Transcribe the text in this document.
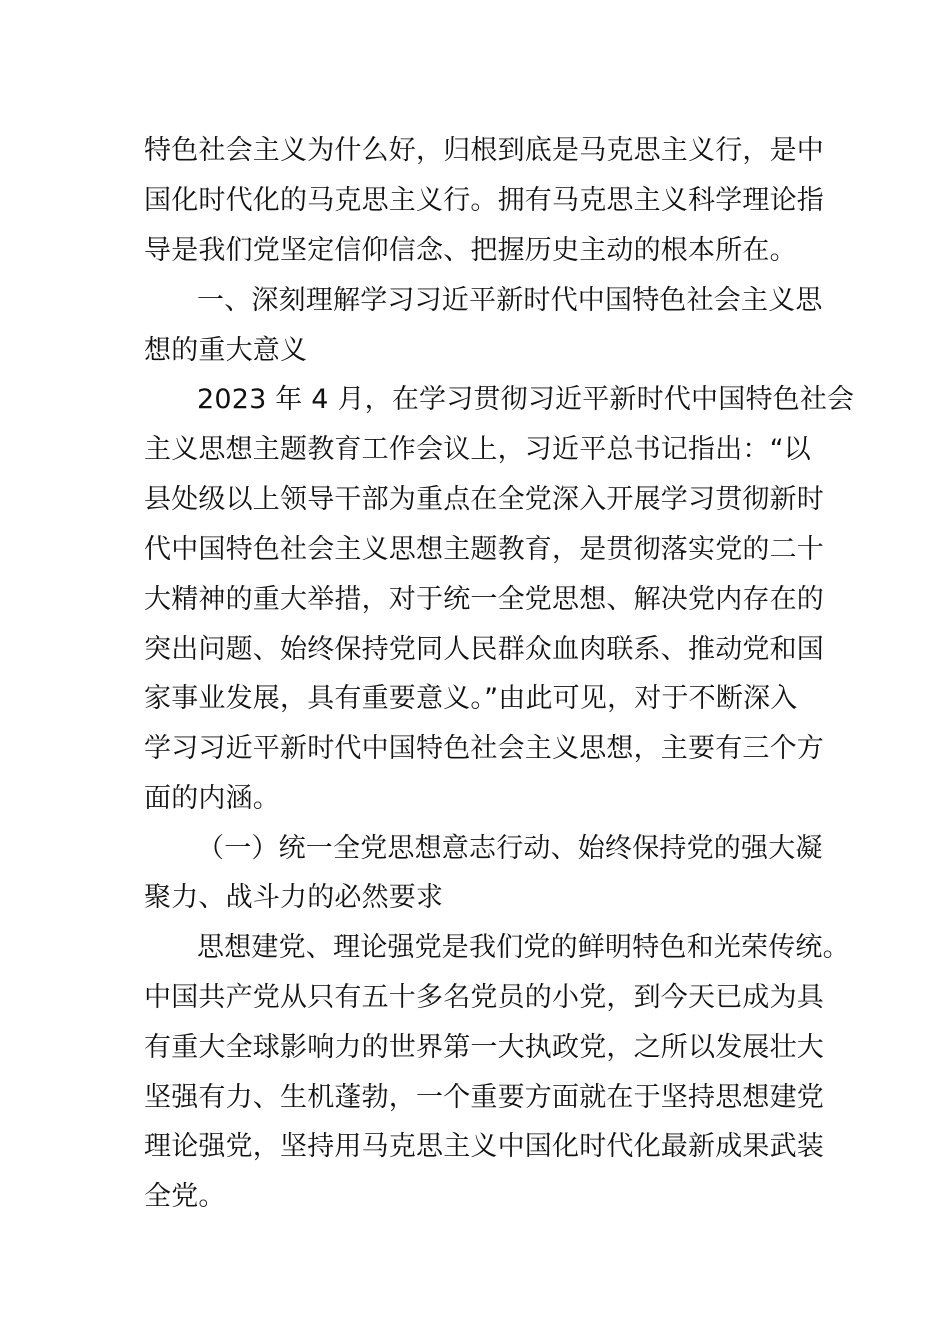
特色社会主义为什么好，归根到底是马克思主义行，是中
国化时代化的马克思主义行。拥有马克思主义科学理论指
导是我们党坚定信仰信念、把握历史主动的根本所在。
一、深刻理解学习习近平新时代中国特色社会主义思
想的重大意义
2023 年 4 月，在学习贯彻习近平新时代中国特色社会
主义思想主题教育工作会议上，习近平总书记指出：“以
县处级以上领导干部为重点在全党深入开展学习贯彻新时
代中国特色社会主义思想主题教育，是贯彻落实党的二十
大精神的重大举措，对于统一全党思想、解决党内存在的
突出问题、始终保持党同人民群众血肉联系、推动党和国
家事业发展，具有重要意义。”由此可见，对于不断深入
学习习近平新时代中国特色社会主义思想，主要有三个方
面的内涵。
（一）统一全党思想意志行动、始终保持党的强大凝
聚力、战斗力的必然要求
思想建党、理论强党是我们党的鲜明特色和光荣传统。
中国共产党从只有五十多名党员的小党，到今天已成为具
有重大全球影响力的世界第一大执政党，之所以发展壮大
坚强有力、生机蓬勃，一个重要方面就在于坚持思想建党
理论强党，坚持用马克思主义中国化时代化最新成果武装
全党。
